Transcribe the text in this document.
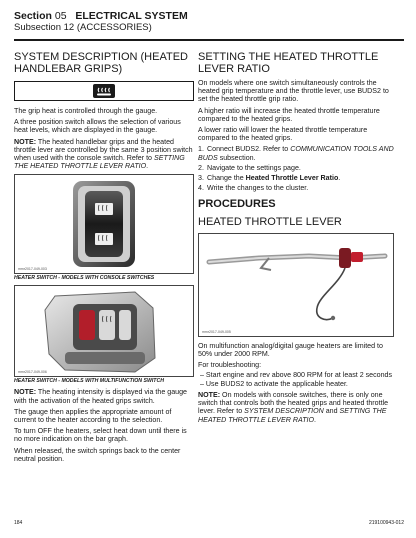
Section 05 ELECTRICAL SYSTEM
Subsection 12 (ACCESSORIES)
SYSTEM DESCRIPTION (HEATED HANDLEBAR GRIPS)

The grip heat is controlled through the gauge.

A three position switch allows the selection of various heat levels, which are displayed in the gauge.

NOTE: The heated handlebar grips and the heated throttle lever are controlled by the same 3 position switch when used with the console switch. Refer to SETTING THE HEATED THROTTLE LEVER RATIO.

mmr2017-049-003
HEATER SWITCH - MODELS WITH CONSOLE SWITCHES
mmr2017-049-006
HEATER SWITCH - MODELS WITH MULTIFUNCTION SWITCH

NOTE: The heating intensity is displayed via the gauge with the activation of the heated grips switch.

The gauge then applies the appropriate amount of current to the heater according to the selection.

To turn OFF the heaters, select heat down until there is no more indication on the bar graph.

When released, the switch springs back to the center neutral position.

SETTING THE HEATED THROTTLE LEVER RATIO

On models where one switch simultaneously controls the heated grip temperature and the throttle lever, use BUDS2 to set the heated throttle grip ratio.

A higher ratio will increase the heated throttle temperature compared to the heated grips.

A lower ratio will lower the heated throttle temperature compared to the heated grips.

1. Connect BUDS2. Refer to COMMUNICATION TOOLS AND BUDS subsection.
2. Navigate to the settings page.
3. Change the Heated Throttle Lever Ratio.
4. Write the changes to the cluster.
PROCEDURES
HEATED THROTTLE LEVER
mmr2017-049-005

On multifunction analog/digital gauge heaters are limited to 50% under 2000 RPM.

For troubleshooting:

– Start engine and rev above 800 RPM for at least 2 seconds
– Use BUDS2 to activate the applicable heater.

NOTE: On models with console switches, there is only one switch that controls both the heated grips and heated throttle lever. Refer to SYSTEM DESCRIPTION and SETTING THE HEATED THROTTLE LEVER RATIO.

184	219100943-012
